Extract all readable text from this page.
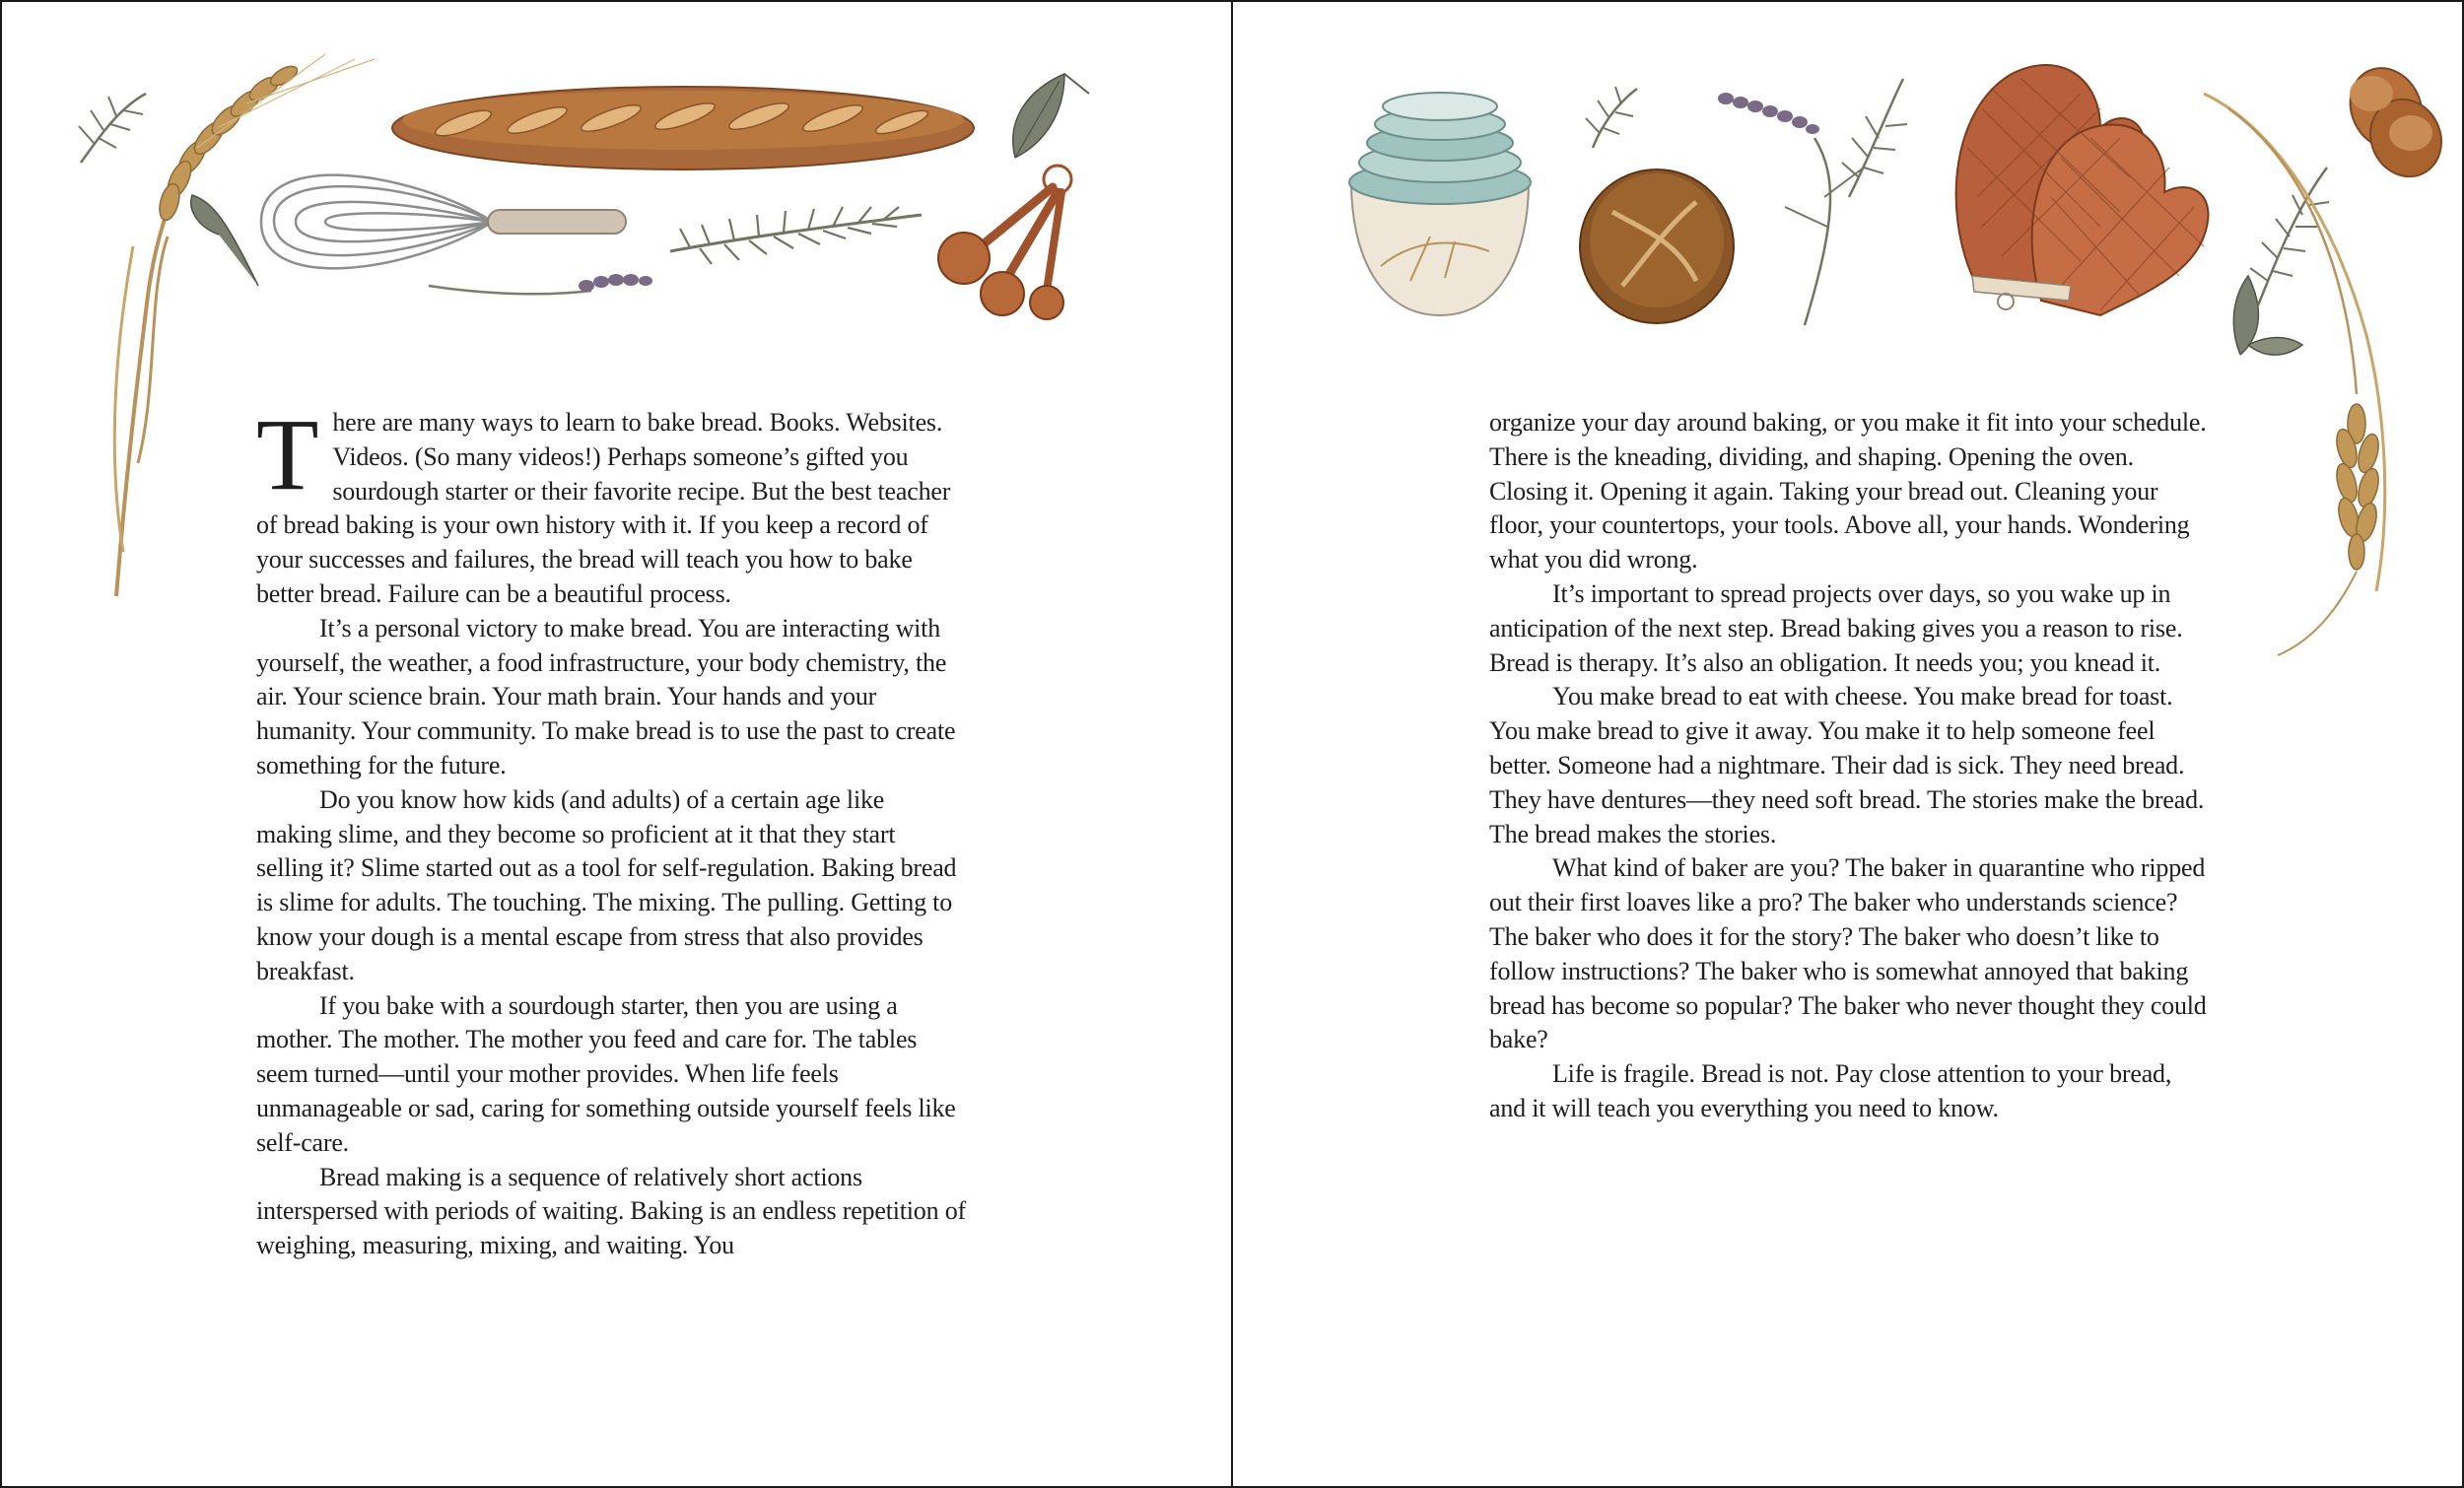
There are many ways to learn to bake bread. Books. Websites. Videos. (So many videos!) Perhaps someone’s gifted you sourdough starter or their favorite recipe. But the best teacher of bread baking is your own history with it. If you keep a record of your successes and failures, the bread will teach you how to bake better bread. Failure can be a beautiful process.

It’s a personal victory to make bread. You are interacting with yourself, the weather, a food infrastructure, your body chemistry, the air. Your science brain. Your math brain. Your hands and your humanity. Your community. To make bread is to use the past to create something for the future.

Do you know how kids (and adults) of a certain age like making slime, and they become so proficient at it that they start selling it? Slime started out as a tool for self-regulation. Baking bread is slime for adults. The touching. The mixing. The pulling. Getting to know your dough is a mental escape from stress that also provides breakfast.

If you bake with a sourdough starter, then you are using a mother. The mother. The mother you feed and care for. The tables seem turned—until your mother provides. When life feels unmanageable or sad, caring for something outside yourself feels like self-care.

Bread making is a sequence of relatively short actions interspersed with periods of waiting. Baking is an endless repetition of weighing, measuring, mixing, and waiting. You

organize your day around baking, or you make it fit into your schedule. There is the kneading, dividing, and shaping. Opening the oven. Closing it. Opening it again. Taking your bread out. Cleaning your floor, your countertops, your tools. Above all, your hands. Wondering what you did wrong.

It’s important to spread projects over days, so you wake up in anticipation of the next step. Bread baking gives you a reason to rise. Bread is therapy. It’s also an obligation. It needs you; you knead it.

You make bread to eat with cheese. You make bread for toast. You make bread to give it away. You make it to help someone feel better. Someone had a nightmare. Their dad is sick. They need bread. They have dentures—they need soft bread. The stories make the bread. The bread makes the stories.

What kind of baker are you? The baker in quarantine who ripped out their first loaves like a pro? The baker who understands science? The baker who does it for the story? The baker who doesn’t like to follow instructions? The baker who is somewhat annoyed that baking bread has become so popular? The baker who never thought they could bake?

Life is fragile. Bread is not. Pay close attention to your bread, and it will teach you everything you need to know.
